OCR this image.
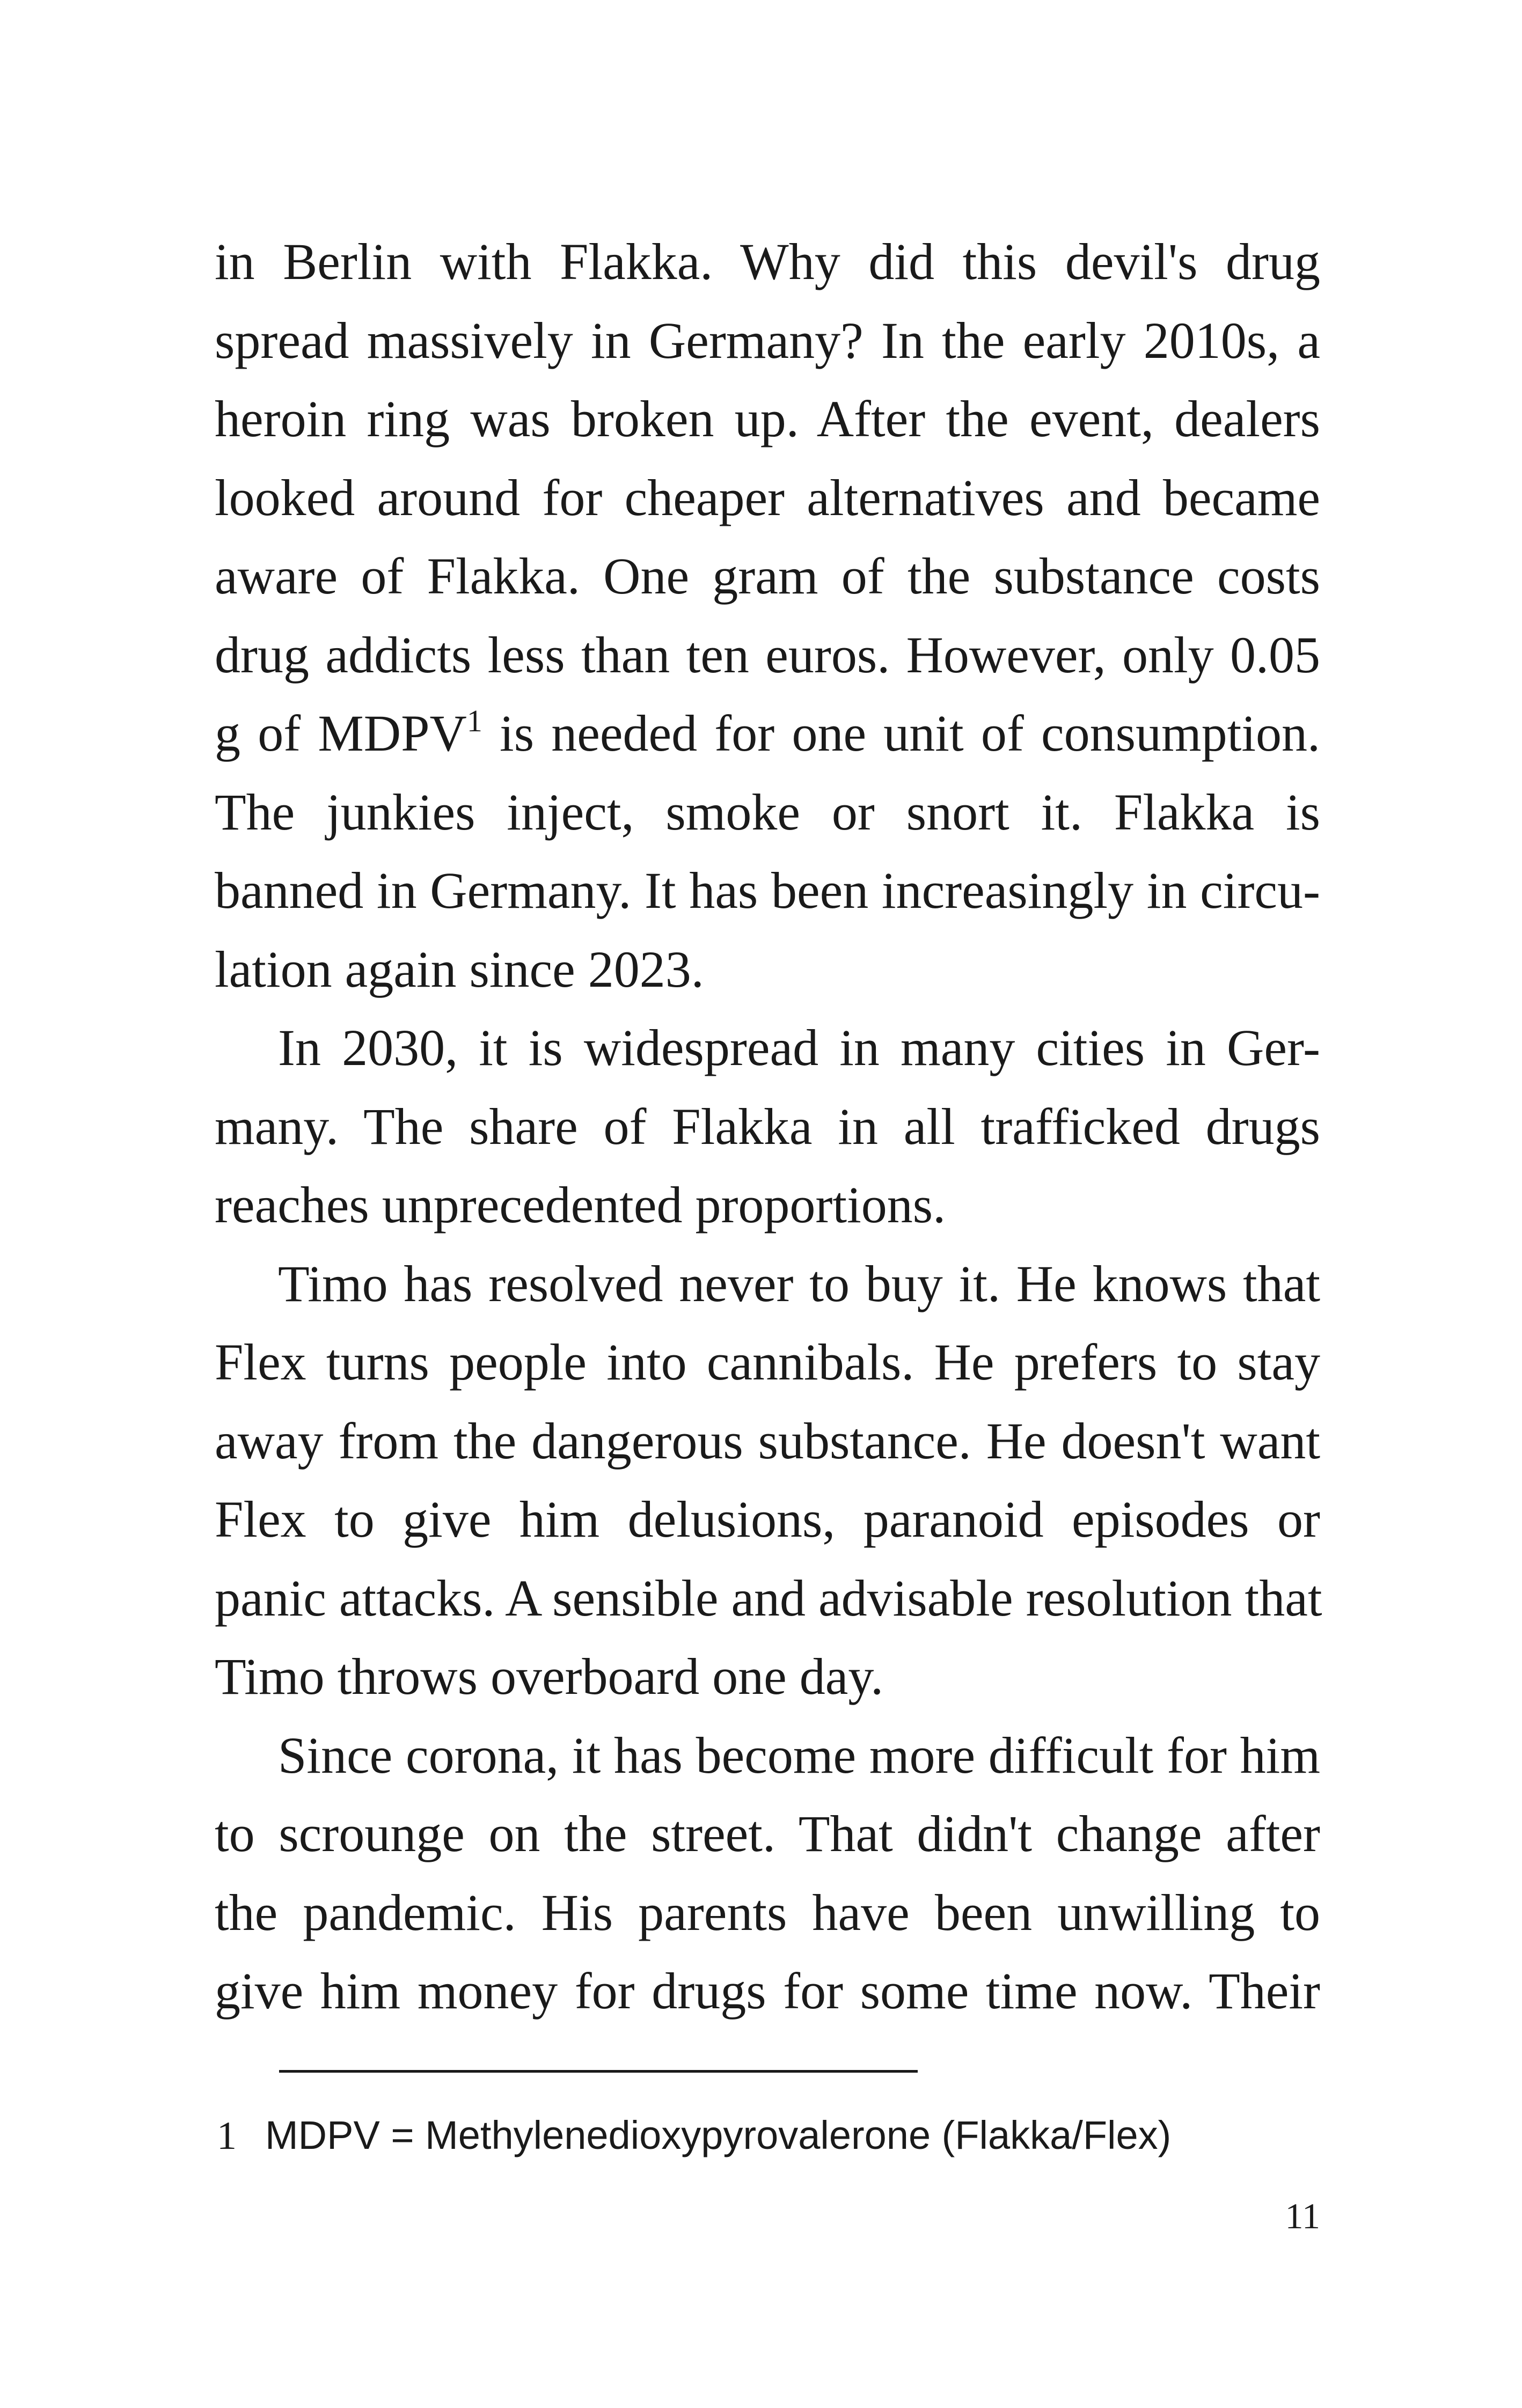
in Berlin with Flakka. Why did this devil's drug
spread massively in Germany? In the early 2010s, a
heroin ring was broken up. After the event, dealers
looked around for cheaper alternatives and became
aware of Flakka. One gram of the substance costs
drug addicts less than ten euros. However, only 0.05
g of MDPV$^1$ is needed for one unit of consumption.
The junkies inject, smoke or snort it. Flakka is
banned in Germany. It has been increasingly in circu-
lation again since 2023.
In 2030, it is widespread in many cities in Ger-
many. The share of Flakka in all trafficked drugs
reaches unprecedented proportions.
Timo has resolved never to buy it. He knows that
Flex turns people into cannibals. He prefers to stay
away from the dangerous substance. He doesn't want
Flex to give him delusions, paranoid episodes or
panic attacks. A sensible and advisable resolution that
Timo throws overboard one day.
Since corona, it has become more difficult for him
to scrounge on the street. That didn't change after
the pandemic. His parents have been unwilling to
give him money for drugs for some time now. Their
1 MDPV = Methylenedioxypyrovalerone (Flakka/Flex)
11
